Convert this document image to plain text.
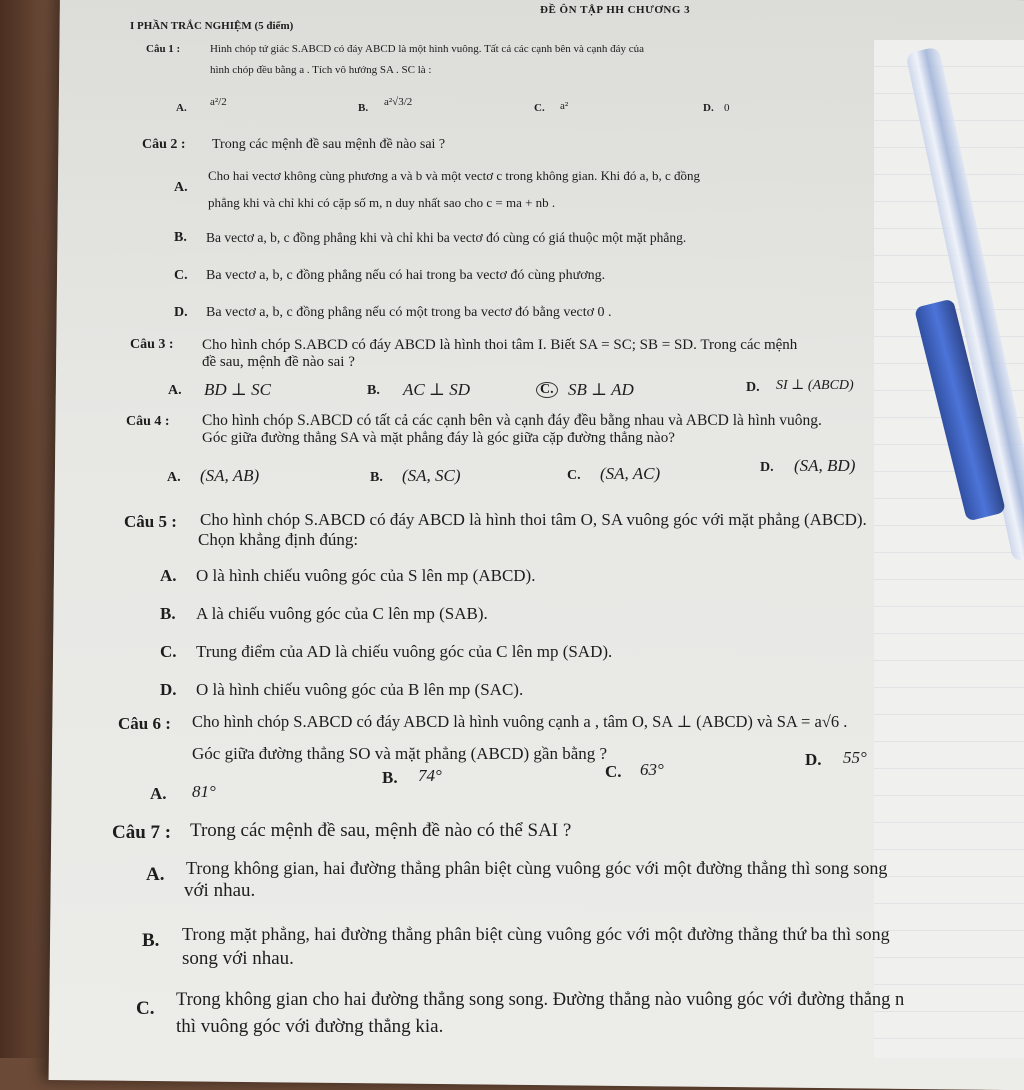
ĐỀ ÔN TẬP HH CHƯƠNG 3
I PHẦN TRẮC NGHIỆM (5 điểm)
Câu 1 :	Hình chóp tứ giác S.ABCD có đáy ABCD là một hình vuông. Tất cả các cạnh bên và cạnh đáy của
hình chóp đều bằng a . Tích vô hướng SA . SC là :
A. a²/2	B. a²√3/2	C. a²	D. 0
Câu 2 : Trong các mệnh đề sau mệnh đề nào sai ?
A.
Cho hai vectơ không cùng phương a và b và một vectơ c trong không gian. Khi đó a, b, c đồng
phẳng khi và chỉ khi có cặp số m, n duy nhất sao cho c = ma + nb .
B. Ba vectơ a, b, c đồng phẳng khi và chỉ khi ba vectơ đó cùng có giá thuộc một mặt phẳng.
C. Ba vectơ a, b, c đồng phẳng nếu có hai trong ba vectơ đó cùng phương.
D. Ba vectơ a, b, c đồng phẳng nếu có một trong ba vectơ đó bằng vectơ 0 .
Câu 3 : Cho hình chóp S.ABCD có đáy ABCD là hình thoi tâm I. Biết SA = SC; SB = SD. Trong các mệnh
đề sau, mệnh đề nào sai ?
A. BD ⊥ SC	B. AC ⊥ SD	C. SB ⊥ AD	D. SI ⊥ (ABCD)
Câu 4 : Cho hình chóp S.ABCD có tất cả các cạnh bên và cạnh đáy đều bằng nhau và ABCD là hình vuông.
Góc giữa đường thẳng SA và mặt phẳng đáy là góc giữa cặp đường thẳng nào?
A. (SA, AB)	B. (SA, SC)	C. (SA, AC)	D. (SA, BD)
Câu 5 : Cho hình chóp S.ABCD có đáy ABCD là hình thoi tâm O, SA vuông góc với mặt phẳng (ABCD).
Chọn khẳng định đúng:
A. O là hình chiếu vuông góc của S lên mp (ABCD).
B. A là chiếu vuông góc của C lên mp (SAB).
C. Trung điểm của AD là chiếu vuông góc của C lên mp (SAD).
D. O là hình chiếu vuông góc của B lên mp (SAC).
Câu 6 : Cho hình chóp S.ABCD có đáy ABCD là hình vuông cạnh a , tâm O, SA ⊥ (ABCD) và SA = a√6 .
Góc giữa đường thẳng SO và mặt phẳng (ABCD) gần bằng ?
A. 81°
B. 74°	C. 63°
D. 55°
Câu 7 : Trong các mệnh đề sau, mệnh đề nào có thể SAI ?
A. Trong không gian, hai đường thẳng phân biệt cùng vuông góc với một đường thẳng thì song song
với nhau.
B. Trong mặt phẳng, hai đường thẳng phân biệt cùng vuông góc với một đường thẳng thứ ba thì song
song với nhau.
C. Trong không gian cho hai đường thẳng song song. Đường thẳng nào vuông góc với đường thẳng n
thì vuông góc với đường thẳng kia.
